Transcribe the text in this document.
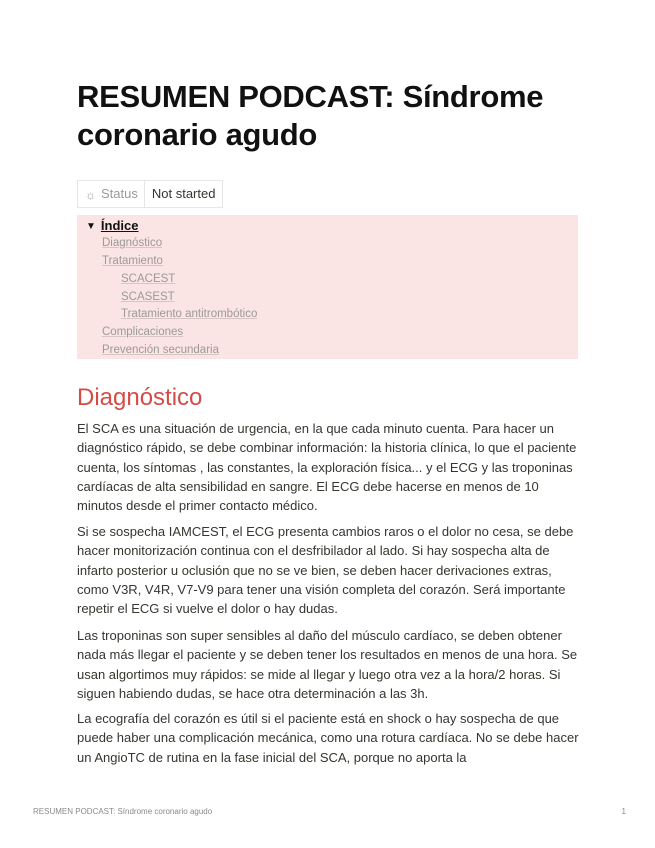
RESUMEN PODCAST: Síndrome coronario agudo
☼ Status	Not started
▼ Índice
Diagnóstico
Tratamiento
SCACEST
SCASEST
Tratamiento antitrombótico
Complicaciones
Prevención secundaria
Diagnóstico

El SCA es una situación de urgencia, en la que cada minuto cuenta. Para hacer un diagnóstico rápido, se debe combinar información: la historia clínica, lo que el paciente cuenta, los síntomas , las constantes, la exploración física... y el ECG y las troponinas cardíacas de alta sensibilidad en sangre. El ECG debe hacerse en menos de 10 minutos desde el primer contacto médico.

Si se sospecha IAMCEST, el ECG presenta cambios raros o el dolor no cesa, se debe hacer monitorización continua con el desfribilador al lado. Si hay sospecha alta de infarto posterior u oclusión que no se ve bien, se deben hacer derivaciones extras, como V3R, V4R, V7-V9 para tener una visión completa del corazón. Será importante repetir el ECG si vuelve el dolor o hay dudas.

Las troponinas son super sensibles al daño del músculo cardíaco, se deben obtener nada más llegar el paciente y se deben tener los resultados en menos de una hora. Se usan algortimos muy rápidos: se mide al llegar y luego otra vez a la hora/2 horas. Si siguen habiendo dudas, se hace otra determinación a las 3h.

La ecografía del corazón es útil si el paciente está en shock o hay sospecha de que puede haber una complicación mecánica, como una rotura cardíaca. No se debe hacer un AngioTC de rutina en la fase inicial del SCA, porque no aporta la

RESUMEN PODCAST: Síndrome coronario agudo	1
